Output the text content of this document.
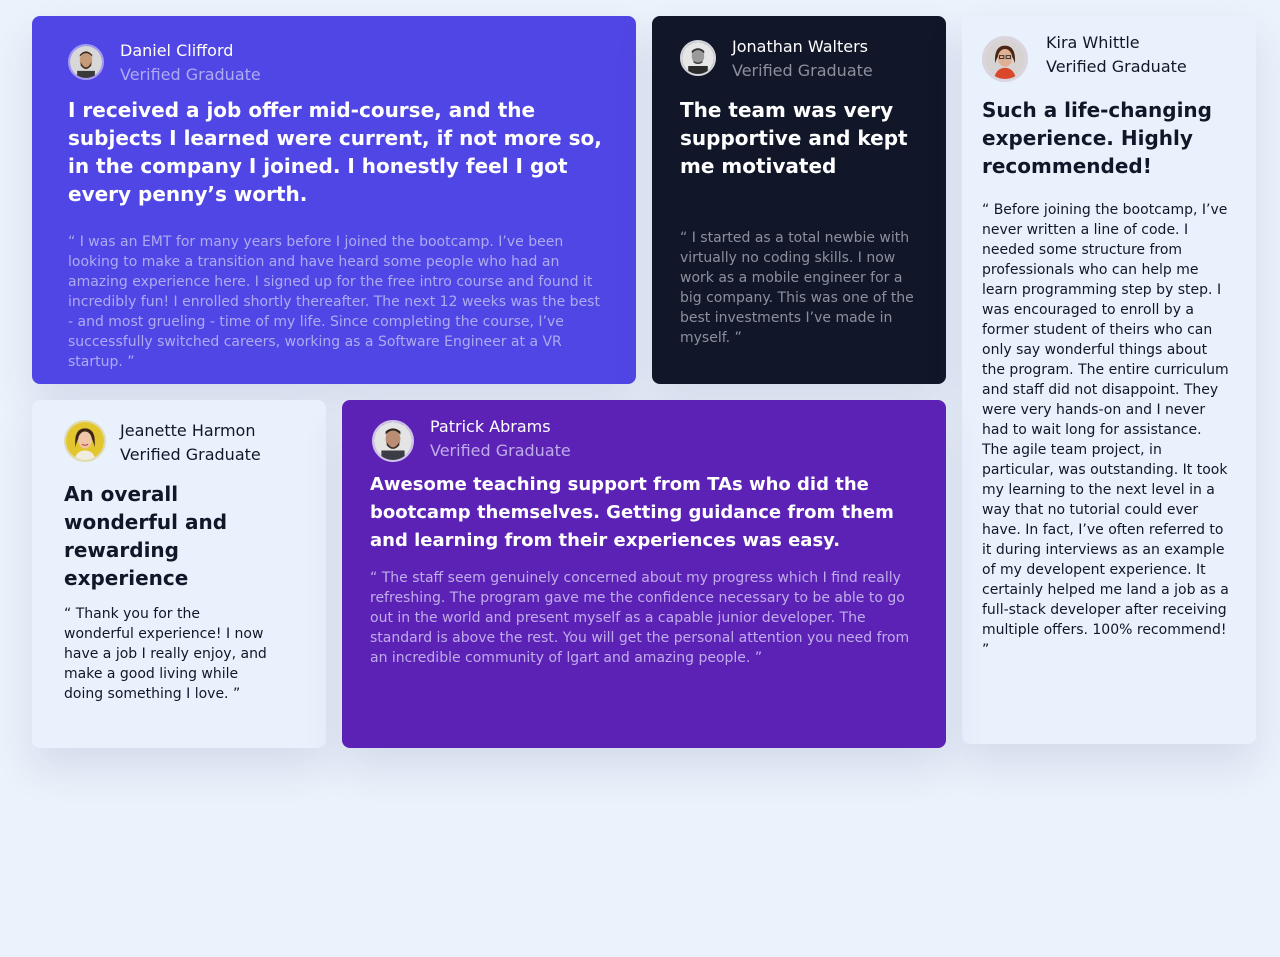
Daniel Clifford
Verified Graduate

I received a job offer mid-course, and the subjects I learned were current, if not more so, in the company I joined. I honestly feel I got every penny’s worth.

“ I was an EMT for many years before I joined the bootcamp. I’ve been looking to make a transition and have heard some people who had an amazing experience here. I signed up for the free intro course and found it incredibly fun! I enrolled shortly thereafter. The next 12 weeks was the best - and most grueling - time of my life. Since completing the course, I’ve successfully switched careers, working as a Software Engineer at a VR startup. ”

Jonathan Walters
Verified Graduate

The team was very supportive and kept me motivated

“ I started as a total newbie with virtually no coding skills. I now work as a mobile engineer for a big company. This was one of the best investments I’ve made in myself. ”

Kira Whittle
Verified Graduate

Such a life-changing experience. Highly recommended!

“ Before joining the bootcamp, I’ve never written a line of code. I needed some structure from professionals who can help me learn programming step by step. I was encouraged to enroll by a former student of theirs who can only say wonderful things about the program. The entire curriculum and staff did not disappoint. They were very hands-on and I never had to wait long for assistance. The agile team project, in particular, was outstanding. It took my learning to the next level in a way that no tutorial could ever have. In fact, I’ve often referred to it during interviews as an example of my developent experience. It certainly helped me land a job as a full-stack developer after receiving multiple offers. 100% recommend! ”

Jeanette Harmon
Verified Graduate

An overall wonderful and rewarding experience

“ Thank you for the wonderful experience! I now have a job I really enjoy, and make a good living while doing something I love. ”

Patrick Abrams
Verified Graduate

Awesome teaching support from TAs who did the bootcamp themselves. Getting guidance from them and learning from their experiences was easy.

“ The staff seem genuinely concerned about my progress which I find really refreshing. The program gave me the confidence necessary to be able to go out in the world and present myself as a capable junior developer. The standard is above the rest. You will get the personal attention you need from an incredible community of lgart and amazing people. ”
